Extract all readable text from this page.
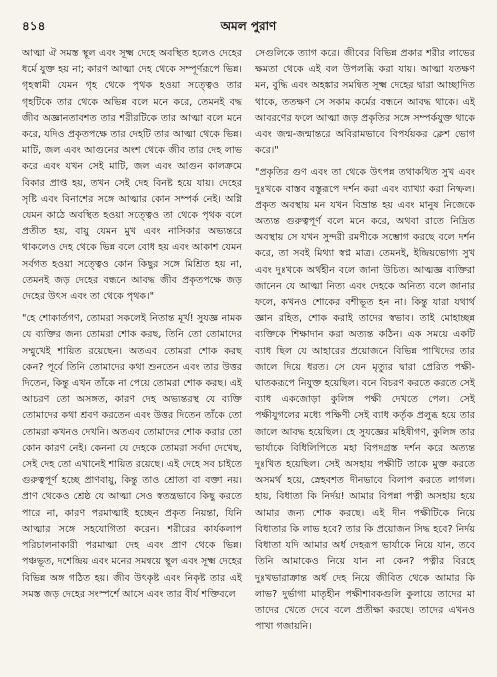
৪১৪	অমল পুরাণ

আত্মা ঐ সমস্ত স্থূল এবং সূক্ষ্ম দেহে অবস্থিত হলেও দেহের ধর্মে যুক্ত হয় না; কারণ আত্মা দেহ থেকে সম্পূর্ণরূপে ভিন্ন। গৃহস্বামী যেমন গৃহ থেকে পৃথক হওয়া সত্ত্বেও তার গৃহটিকে তার থেকে অভিন্ন বলে মনে করে, তেমনই বদ্ধ জীব অজ্ঞানতাবশত তার শরীরটিকে তার আত্মা বলে মনে করে, যদিও প্রকৃতপক্ষে তার দেহটি তার আত্মা থেকে ভিন্ন। মাটি, জল এবং আগুনের অংশ থেকে জীব তার দেহ লাভ করে এবং যখন সেই মাটি, জল এবং আগুন কালক্রমে বিকার প্রাপ্ত হয়, তখন সেই দেহ বিনষ্ট হয়ে যায়। দেহের সৃষ্টি এবং বিনাশের সঙ্গে আত্মার কোন সম্পর্ক নেই। অগ্নি যেমন কাঠে অবস্থিত হওয়া সত্ত্বেও তা থেকে পৃথক বলে প্রতীত হয়, বায়ু যেমন মুখ এবং নাসিকার অভ্যন্তরে থাকলেও দেহ থেকে ভিন্ন বলে বোধ হয় এবং আকাশ যেমন সর্বগত হওয়া সত্ত্বেও কোন কিছুর সঙ্গে মিশ্রিত হয় না, তেমনই জড় দেহের বন্ধনে আবদ্ধ জীব প্রকৃতপক্ষে জড় দেহের উৎস এবং তা থেকে পৃথক।"

"হে শোকার্তগণ, তোমরা সকলেই নিতান্ত মূর্খ! সুযজ্ঞ নামক যে ব্যক্তির জন্য তোমরা শোক করছ, তিনি তো তোমাদের সম্মুখেই শায়িত রয়েছেন। অতএব তোমরা শোক করছ কেন? পূর্বে তিনি তোমাদের কথা শুনতেন এবং তার উত্তর দিতেন, কিন্তু এখন তাঁকে না পেয়ে তোমরা শোক করছ। এই আচরণ তো অসঙ্গত, কারণ দেহ অভ্যন্তরস্থ যে ব্যক্তি তোমাদের কথা শ্রবণ করতেন এবং উত্তর দিতেন তাঁকে তো তোমরা কখনও দেখনি। অতএব তোমাদের শোক করার তো কোন কারণ নেই। কেননা যে দেহকে তোমরা সর্বদা দেখেছ, সেই দেহ তো এখানেই শায়িত রয়েছে। এই দেহে সব চাইতে গুরুত্বপূর্ণ হচ্ছে প্রাণবায়ু, কিন্তু তাও শ্রোতা বা বক্তা নয়। প্রাণ থেকেও শ্রেষ্ঠ যে আত্মা সেও স্বতন্ত্রভাবে কিছু করতে পারে না, কারণ পরমাত্মাই হচ্ছেন প্রকৃত নিয়ন্তা, যিনি আত্মার সঙ্গে সহযোগিতা করেন। শরীরের কার্যকলাপ পরিচালনাকারী পরমাত্মা দেহ এবং প্রাণ থেকে ভিন্ন। পঞ্চভূত, দশেন্দ্রিয় এবং মনের সমন্বয়ে স্থূল এবং সূক্ষ্ম দেহের বিভিন্ন অঙ্গ গঠিত হয়। জীব উৎকৃষ্ট এবং নিকৃষ্ট তার এই সমস্ত জড় দেহের সংস্পর্শে আসে এবং তার বীর্য শক্তিবলে

সেগুলিকে ত্যাগ করে। জীবের বিভিন্ন প্রকার শরীর লাভের ক্ষমতা থেকে এই বল উপলব্ধি করা যায়। আত্মা যতক্ষণ মন, বুদ্ধি এবং অহঙ্কার সমন্বিত সূক্ষ্ম দেহের দ্বারা আচ্ছাদিত থাকে, ততক্ষণ সে সকাম কর্মের বন্ধনে আবদ্ধ থাকে। এই আবরণের ফলে আত্মা জড় প্রকৃতির সঙ্গে সম্পর্কযুক্ত থাকে এবং জন্ম-জন্মান্তরে অবিরামভাবে বিপর্যয়কর ক্লেশ ভোগ করে।"

"প্রকৃতির গুণ এবং তা থেকে উৎপন্ন তথাকথিত সুখ এবং দুঃখকে বাস্তব বস্তুরূপে দর্শন করা এবং ব্যাখ্যা করা নিষ্ফল। প্রকৃত অবস্থায় মন যখন বিভ্রান্ত হয় এবং মানুষ নিজেকে অত্যন্ত গুরুত্বপূর্ণ বলে মনে করে, অথবা রাতে নিদ্রিত অবস্থায় সে যখন সুন্দরী রমণীকে সম্ভোগ করছে বলে দর্শন করে, তা সবই মিথ্যা স্বপ্ন মাত্র। তেমনই, ইন্দ্রিয়ভোগ্য সুখ এবং দুঃখকে অর্থহীন বলে জানা উচিত। আত্মজ্ঞ ব্যক্তিরা জানেন যে আত্মা নিত্য এবং দেহকে অনিত্য বলে জানার ফলে, কখনও শোকের বশীভূত হন না। কিন্তু যারা যথার্থ জ্ঞান রহিত, শোক করাই তাদের স্বভাব। তাই মোহাচ্ছন্ন ব্যক্তিকে শিক্ষাদান করা অত্যন্ত কঠিন। এক সময়ে একটি ব্যাধ ছিল যে আহারের প্রয়োজনে বিভিন্ন পাখিদের তার জালে দিয়ে ধরত। সে যেন মৃত্যুর দ্বারা প্রেরিত পক্ষী-ঘাতকরূপে নিযুক্ত হয়েছিল। বনে বিচরণ করতে করতে সেই ব্যাধ একজোড়া কুলিঙ্গ পক্ষী দেখতে পেল। সেই পক্ষীযুগলের মধ্যে পক্ষিণী সেই ব্যাধ কর্তৃক প্রলুব্ধ হয়ে তার জালে আবদ্ধ হয়েছিল। হে সুযজ্ঞের মহিষীগণ, কুলিঙ্গ তার ভার্যাকে বিধিলিপিতে মহা বিপদগ্রস্ত দর্শন করে অত্যন্ত দুঃখিত হয়েছিল। সেই অসহায় পক্ষীটি তাকে মুক্ত করতে অসমর্থ হয়ে, স্নেহবশত দীনভাবে বিলাপ করতে লাগল। হায়, বিধাতা কি নির্দয়! আমার বিপন্না পত্নী অসহায় হয়ে আমার জন্য শোক করছে। এই দীন পক্ষীটিকে নিয়ে বিধাতার কি লাভ হবে? তার কি প্রয়োজন সিদ্ধ হবে? নির্দয় বিধাতা যদি আমার অর্ধ দেহরূপ ভার্যাকে নিয়ে যান, তবে তিনি আমাকেও নিয়ে যান না কেন? পত্নীর বিরহে দুঃখভারাক্রান্ত অর্ধ দেহ নিয়ে জীবিত থেকে আমার কি লাভ? দুর্ভাগা মাতৃহীন পক্ষীশাবকগুলি কুলায়ে তাদের মা তাদের খেতে দেবে বলে প্রতীক্ষা করছে। তাদের এখনও পাখা গজায়নি।
